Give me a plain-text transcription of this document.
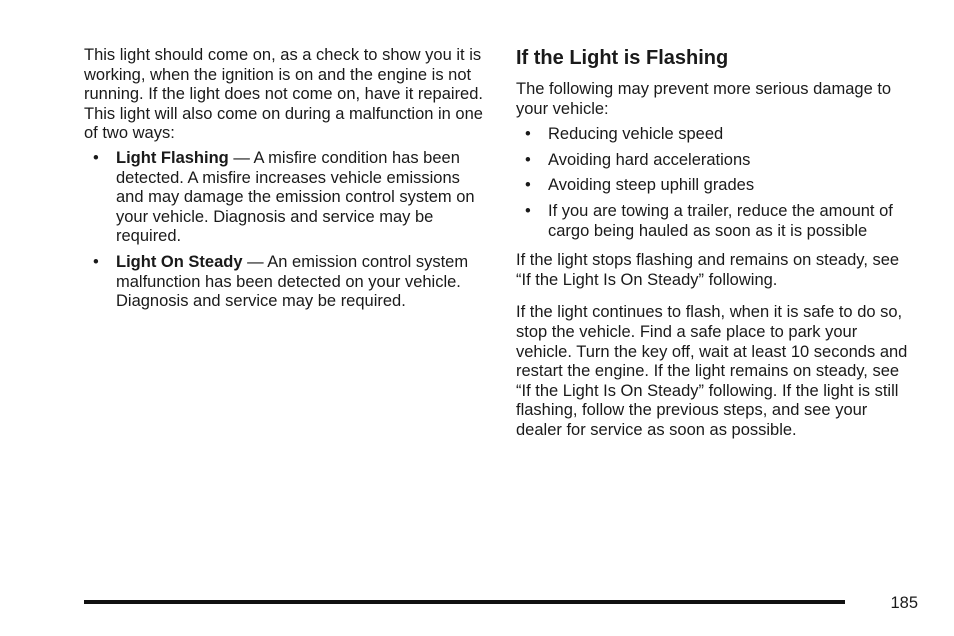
This light should come on, as a check to show you it is working, when the ignition is on and the engine is not running. If the light does not come on, have it repaired. This light will also come on during a malfunction in one of two ways:

• Light Flashing — A misfire condition has been detected. A misfire increases vehicle emissions and may damage the emission control system on your vehicle. Diagnosis and service may be required.
• Light On Steady — An emission control system malfunction has been detected on your vehicle. Diagnosis and service may be required.
If the Light is Flashing

The following may prevent more serious damage to your vehicle:

• Reducing vehicle speed
• Avoiding hard accelerations
• Avoiding steep uphill grades
• If you are towing a trailer, reduce the amount of cargo being hauled as soon as it is possible

If the light stops flashing and remains on steady, see “If the Light Is On Steady” following.

If the light continues to flash, when it is safe to do so, stop the vehicle. Find a safe place to park your vehicle. Turn the key off, wait at least 10 seconds and restart the engine. If the light remains on steady, see “If the Light Is On Steady” following. If the light is still flashing, follow the previous steps, and see your dealer for service as soon as possible.

185
